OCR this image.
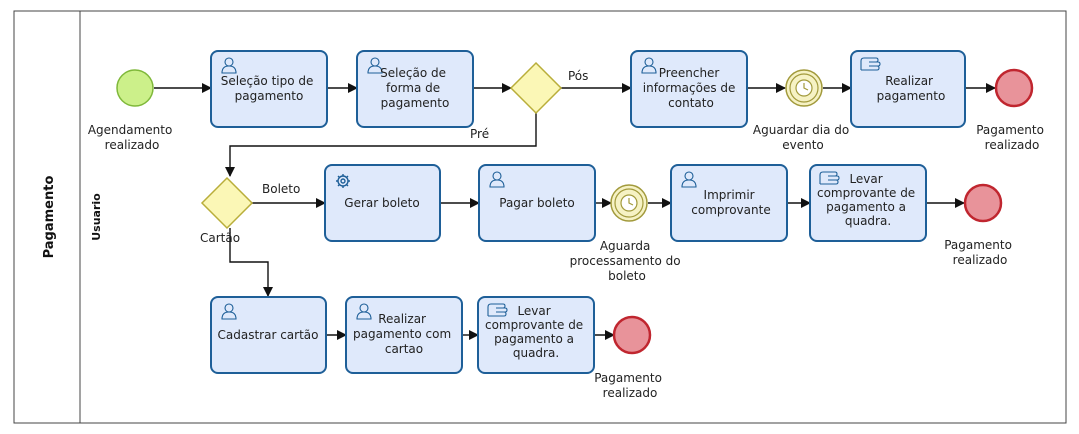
Pagamento	Usuario
Pós
Pré
Boleto
Cartão
Agendamento realizado
Aguardar dia do evento
Aguarda processamento do boleto
Pagamento realizado
Pagamento realizado
Pagamento realizado
Seleção tipo de pagamento
Seleção de forma de pagamento
Preencher informações de contato
Realizar pagamento
Gerar boleto	Pagar boleto
Imprimir comprovante
Levar comprovante de pagamento a quadra.
Cadastrar cartão
Realizar pagamento com cartao
Levar comprovante de pagamento a quadra.
